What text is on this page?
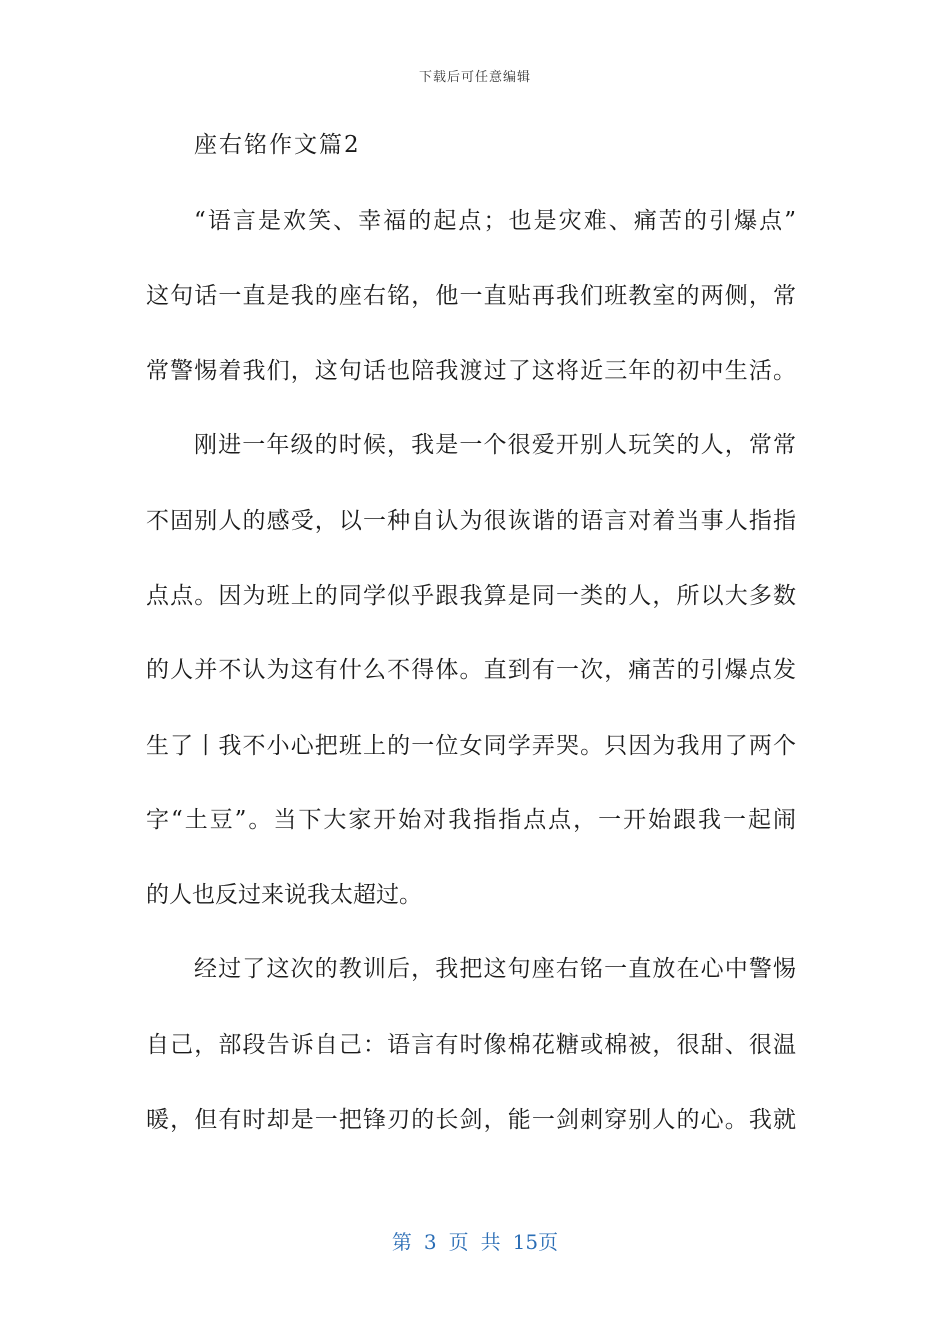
下载后可任意编辑
座右铭作文篇2
“语言是欢笑、幸福的起点；也是灾难、痛苦的引爆点”
这句话一直是我的座右铭，他一直贴再我们班教室的两侧，常
常警惕着我们，这句话也陪我渡过了这将近三年的初中生活。
刚进一年级的时候，我是一个很爱开别人玩笑的人，常常
不固别人的感受，以一种自认为很诙谐的语言对着当事人指指
点点。因为班上的同学似乎跟我算是同一类的人，所以大多数
的人并不认为这有什么不得体。直到有一次，痛苦的引爆点发
生了丨我不小心把班上的一位女同学弄哭。只因为我用了两个
字“土豆”。当下大家开始对我指指点点，一开始跟我一起闹
的人也反过来说我太超过。
经过了这次的教训后，我把这句座右铭一直放在心中警惕
自己，部段告诉自己：语言有时像棉花糖或棉被，很甜、很温
暖，但有时却是一把锋刃的长剑，能一剑刺穿别人的心。我就
第 3 页 共 15页
